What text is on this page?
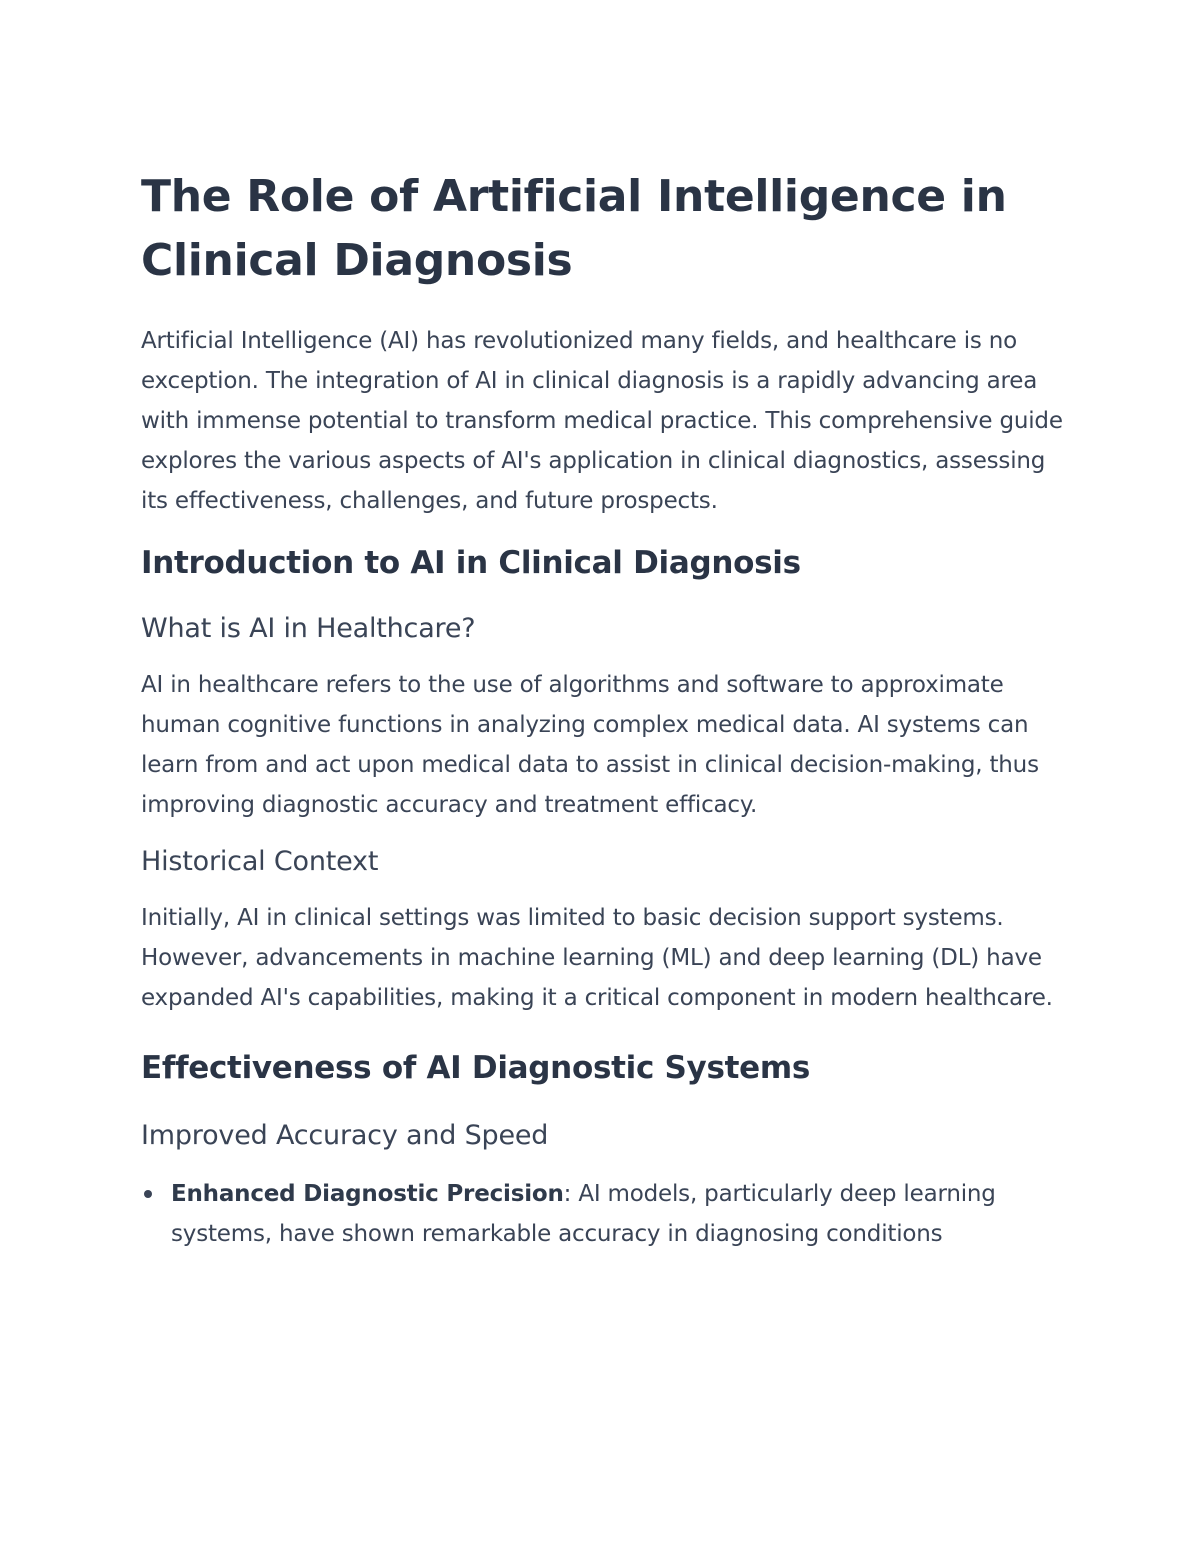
The Role of Artificial Intelligence in Clinical Diagnosis

Artificial Intelligence (AI) has revolutionized many fields, and healthcare is no exception. The integration of AI in clinical diagnosis is a rapidly advancing area with immense potential to transform medical practice. This comprehensive guide explores the various aspects of AI's application in clinical diagnostics, assessing its effectiveness, challenges, and future prospects.

Introduction to AI in Clinical Diagnosis
What is AI in Healthcare?

AI in healthcare refers to the use of algorithms and software to approximate human cognitive functions in analyzing complex medical data. AI systems can learn from and act upon medical data to assist in clinical decision-making, thus improving diagnostic accuracy and treatment efficacy.

Historical Context

Initially, AI in clinical settings was limited to basic decision support systems. However, advancements in machine learning (ML) and deep learning (DL) have expanded AI's capabilities, making it a critical component in modern healthcare.

Effectiveness of AI Diagnostic Systems
Improved Accuracy and Speed
Enhanced Diagnostic Precision: AI models, particularly deep learning systems, have shown remarkable accuracy in diagnosing conditions
